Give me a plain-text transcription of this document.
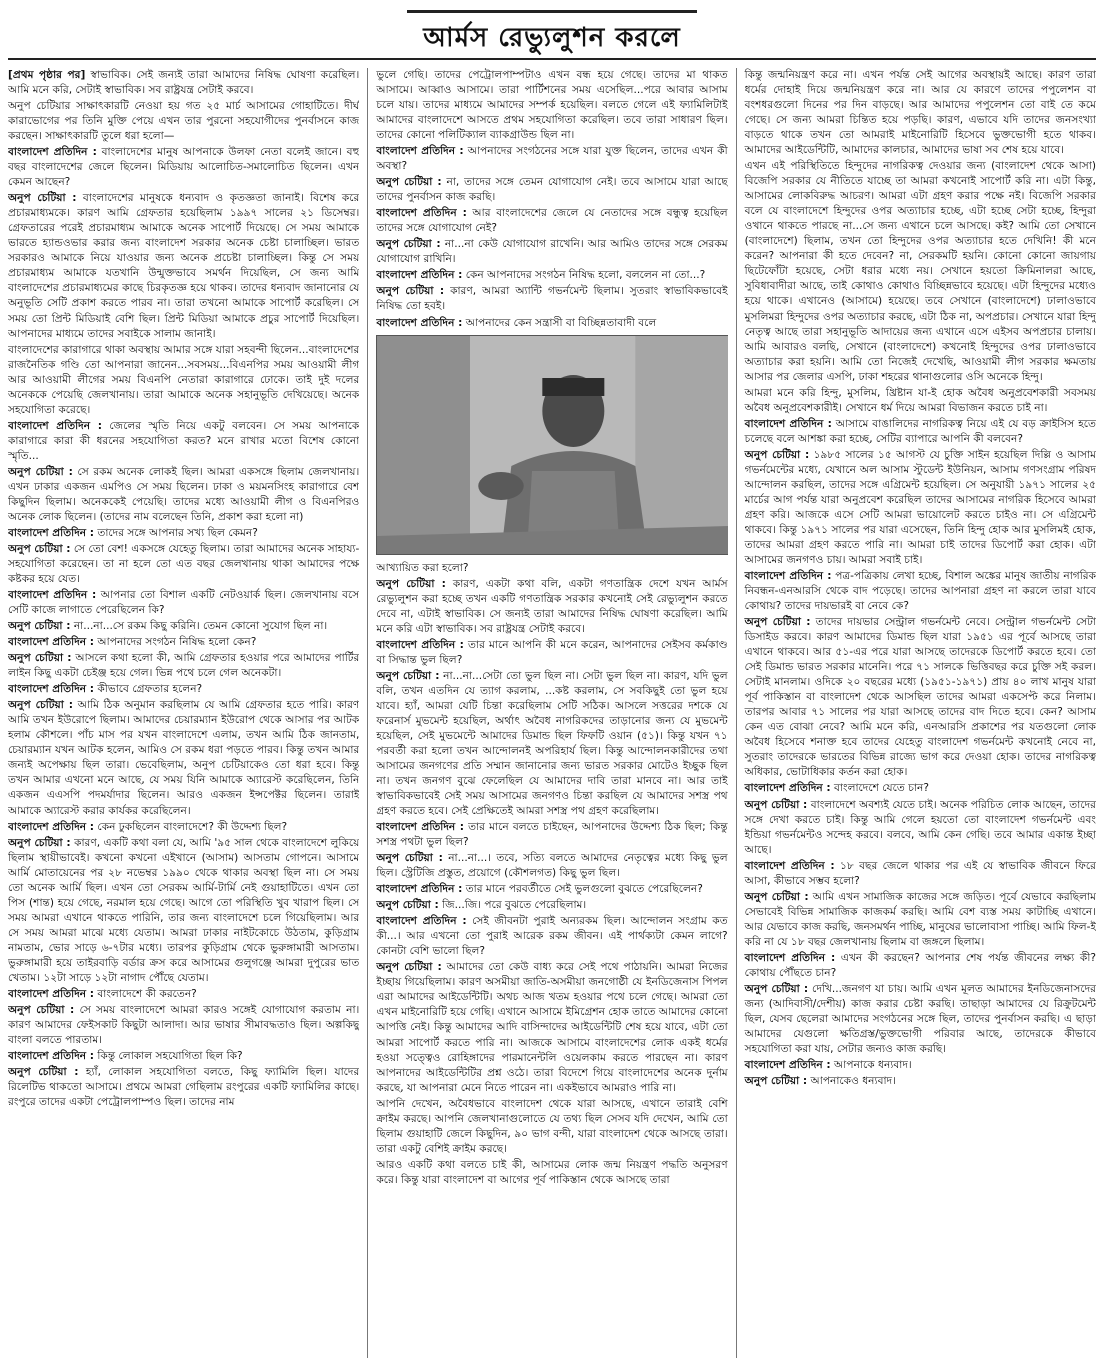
আর্মস রেভ্যুলুশন করলে

[প্রথম পৃষ্ঠার পর] স্বাভাবিক। সেই জন্যই তারা আমাদের নিষিদ্ধ ঘোষণা করেছিল। আমি মনে করি, সেটাই স্বাভাবিক। সব রাষ্ট্রযন্ত্র সেটাই করবে।

অনুপ চেটিয়ার সাক্ষাৎকারটি নেওয়া হয় গত ২৫ মার্চ আসামের গোহাটিতে। দীর্ঘ কারাভোগের পর তিনি মুক্তি পেয়ে এখন তার পুরনো সহযোগীদের পুনর্বাসনে কাজ করছেন। সাক্ষাৎকারটি তুলে ধরা হলো—

বাংলাদেশ প্রতিদিন : বাংলাদেশের মানুষ আপনাকে উলফা নেতা বলেই জানে। বহু বছর বাংলাদেশের জেলে ছিলেন। মিডিয়ায় আলোচিত-সমালোচিত ছিলেন। এখন কেমন আছেন?

অনুপ চেটিয়া : বাংলাদেশের মানুষকে ধন্যবাদ ও কৃতজ্ঞতা জানাই। বিশেষ করে প্রচারমাধ্যমকে। কারণ আমি গ্রেফতার হয়েছিলাম ১৯৯৭ সালের ২১ ডিসেম্বর। গ্রেফতারের পরেই প্রচারমাধ্যম আমাকে অনেক সাপোর্ট দিয়েছে। সে সময় আমাকে ভারতে হ্যান্ডওভার করার জন্য বাংলাদেশ সরকার অনেক চেষ্টা চালাচ্ছিল। ভারত সরকারও আমাকে নিয়ে যাওয়ার জন্য অনেক প্রচেষ্টা চালাচ্ছিল। কিন্তু সে সময় প্রচারমাধ্যম আমাকে যতখানি উন্মুক্তভাবে সমর্থন দিয়েছিল, সে জন্য আমি বাংলাদেশের প্রচারমাধ্যমের কাছে চিরকৃতজ্ঞ হয়ে থাকব। তাদের ধন্যবাদ জানানোর যে অনুভূতি সেটি প্রকাশ করতে পারব না। তারা তখনো আমাকে সাপোর্ট করেছিল। সে সময় তো প্রিন্ট মিডিয়াই বেশি ছিল। প্রিন্ট মিডিয়া আমাকে প্রচুর সাপোর্ট দিয়েছিল। আপনাদের মাধ্যমে তাদের সবাইকে সালাম জানাই।

বাংলাদেশের কারাগারে থাকা অবস্থায় আমার সঙ্গে যারা সহবন্দী ছিলেন...বাংলাদেশের রাজনৈতিক গণ্ডি তো আপনারা জানেন...সবসময়...বিএনপির সময় আওয়ামী লীগ আর আওয়ামী লীগের সময় বিএনপি নেতারা কারাগারে ঢোকে। তাই দুই দলের অনেককে পেয়েছি জেলখানায়। তারা আমাকে অনেক সহানুভূতি দেখিয়েছে। অনেক সহযোগিতা করেছে।

বাংলাদেশ প্রতিদিন : জেলের স্মৃতি নিয়ে একটু বলবেন। সে সময় আপনাকে কারাগারে কারা কী ধরনের সহযোগিতা করত? মনে রাখার মতো বিশেষ কোনো স্মৃতি...

অনুপ চেটিয়া : সে রকম অনেক লোকই ছিল। আমরা একসঙ্গে ছিলাম জেলখানায়। এখন ঢাকার একজন এমপিও সে সময় ছিলেন। ঢাকা ও ময়মনসিংহ কারাগারে বেশ কিছুদিন ছিলাম। অনেককেই পেয়েছি। তাদের মধ্যে আওয়ামী লীগ ও বিএনপিরও অনেক লোক ছিলেন। (তাদের নাম বলেছেন তিনি, প্রকাশ করা হলো না)

বাংলাদেশ প্রতিদিন : তাদের সঙ্গে আপনার সখ্য ছিল কেমন?

অনুপ চেটিয়া : সে তো বেশ! একসঙ্গে যেহেতু ছিলাম। তারা আমাদের অনেক সাহায্য-সহযোগিতা করেছেন। তা না হলে তো এত বছর জেলখানায় থাকা আমাদের পক্ষে কষ্টকর হয়ে যেত।

বাংলাদেশ প্রতিদিন : আপনার তো বিশাল একটি নেটওয়ার্ক ছিল। জেলখানায় বসে সেটি কাজে লাগাতে পেরেছিলেন কি?

অনুপ চেটিয়া : না...না...সে রকম কিছু করিনি। তেমন কোনো সুযোগ ছিল না।

বাংলাদেশ প্রতিদিন : আপনাদের সংগঠন নিষিদ্ধ হলো কেন?

অনুপ চেটিয়া : আসলে কথা হলো কী, আমি গ্রেফতার হওয়ার পরে আমাদের পার্টির লাইন কিছু একটা চেইঞ্জ হয়ে গেল। ভিন্ন পথে চলে গেল অনেকটা।

বাংলাদেশ প্রতিদিন : কীভাবে গ্রেফতার হলেন?

অনুপ চেটিয়া : আমি ঠিক অনুমান করছিলাম যে আমি গ্রেফতার হতে পারি। কারণ আমি তখন ইউরোপে ছিলাম। আমাদের চেয়ারম্যান ইউরোপ থেকে আসার পর আটক হলাম কৌশলে। পাঁচ মাস পর যখন বাংলাদেশে এলাম, তখন আমি ঠিক জানতাম, চেয়ারম্যান যখন আটক হলেন, আমিও সে রকম ধরা পড়তে পারব। কিন্তু তখন আমার জন্যই অপেক্ষায় ছিল তারা। ভেবেছিলাম, অনুপ চেটিয়াকেও তো ধরা হবে। কিন্তু তখন আমার এখনো মনে আছে, যে সময় যিনি আমাকে অ্যারেস্ট করেছিলেন, তিনি একজন এএসপি পদমর্যাদার ছিলেন। আরও একজন ইন্সপেক্টর ছিলেন। তারাই আমাকে অ্যারেস্ট করার কার্যকর করেছিলেন।

বাংলাদেশ প্রতিদিন : কেন ঢুকছিলেন বাংলাদেশে? কী উদ্দেশ্য ছিল?

অনুপ চেটিয়া : কারণ, একটি কথা বলা যে, আমি '৯৫ সাল থেকে বাংলাদেশে লুকিয়ে ছিলাম স্থায়ীভাবেই। কখনো কখনো এইখানে (আসাম) আসতাম গোপনে। আসামে আর্মি মোতায়েনের পর ২৮ নভেম্বর ১৯৯০ থেকে থাকার অবস্থা ছিল না। সে সময় তো অনেক আর্মি ছিল। এখন তো সেরকম আর্মি-টার্মি নেই গুয়াহাটিতে। এখন তো পিস (শান্ত) হয়ে গেছে, নরমাল হয়ে গেছে। আগে তো পরিস্থিতি খুব খারাপ ছিল। সে সময় আমরা এখানে থাকতে পারিনি, তার জন্য বাংলাদেশে চলে গিয়েছিলাম। আর সে সময় আমরা মাঝে মধ্যে যেতাম। আমরা ঢাকার নাইটকোচে উঠতাম, কুড়িগ্রাম নামতাম, ভোর সাড়ে ৬-৭টার মধ্যে। তারপর কুড়িগ্রাম থেকে ভুরুঙ্গামারী আসতাম। ভুরুঙ্গামারী হয়ে তাইরবাড়ি বর্ডার ক্রস করে আসামের গুলুগঞ্জে আমরা দুপুরের ভাত খেতাম। ১২টা সাড়ে ১২টা নাগাদ পৌঁছে যেতাম।

বাংলাদেশ প্রতিদিন : বাংলাদেশে কী করতেন?

অনুপ চেটিয়া : সে সময় বাংলাদেশে আমরা কারও সঙ্গেই যোগাযোগ করতাম না। কারণ আমাদের ফেইসকাট কিছুটা আলাদা। আর ভাষার সীমাবদ্ধতাও ছিল। অল্পকিছু বাংলা বলতে পারতাম।

বাংলাদেশ প্রতিদিন : কিন্তু লোকাল সহযোগিতা ছিল কি?

অনুপ চেটিয়া : হ্যাঁ, লোকাল সহযোগিতা বলতে, কিছু ফ্যামিলি ছিল। যাদের রিলেটিভ থাকতো আসামে। প্রথমে আমরা গেছিলাম রংপুরের একটি ফ্যামিলির কাছে। রংপুরে তাদের একটা পেট্রোলপাম্পও ছিল। তাদের নাম

ভুলে গেছি। তাদের পেট্রোলপাম্পটাও এখন বন্ধ হয়ে গেছে। তাদের মা থাকত আসামে। আব্বাও আসামে। তারা পার্টিশনের সময় এসেছিল...পরে আবার আসাম চলে যায়। তাদের মাধ্যমে আমাদের সম্পর্ক হয়েছিল। বলতে গেলে এই ফ্যামিলিটাই আমাদের বাংলাদেশে আসতে প্রথম সহযোগিতা করেছিল। তবে তারা সাধারণ ছিল। তাদের কোনো পলিটিক্যাল ব্যাকগ্রাউন্ড ছিল না।

বাংলাদেশ প্রতিদিন : আপনাদের সংগঠনের সঙ্গে যারা যুক্ত ছিলেন, তাদের এখন কী অবস্থা?

অনুপ চেটিয়া : না, তাদের সঙ্গে তেমন যোগাযোগ নেই। তবে আসামে যারা আছে তাদের পুনর্বাসন কাজ করছি।

বাংলাদেশ প্রতিদিন : আর বাংলাদেশের জেলে যে নেতাদের সঙ্গে বন্ধুত্ব হয়েছিল তাদের সঙ্গে যোগাযোগ নেই?

অনুপ চেটিয়া : না...না কেউ যোগাযোগ রাখেনি। আর আমিও তাদের সঙ্গে সেরকম যোগাযোগ রাখিনি।

বাংলাদেশ প্রতিদিন : কেন আপনাদের সংগঠন নিষিদ্ধ হলো, বললেন না তো...?

অনুপ চেটিয়া : কারণ, আমরা অ্যান্টি গভর্নমেন্ট ছিলাম। সুতরাং স্বাভাবিকভাবেই নিষিদ্ধ তো হবই।

বাংলাদেশ প্রতিদিন : আপনাদের কেন সন্ত্রাসী বা বিচ্ছিন্নতাবাদী বলে

আখ্যায়িত করা হলো?

অনুপ চেটিয়া : কারণ, একটা কথা বলি, একটা গণতান্ত্রিক দেশে যখন আর্মস রেভ্যুলুশন করা হচ্ছে তখন একটি গণতান্ত্রিক সরকার কখনোই সেই রেভ্যুলুশন করতে দেবে না, এটাই স্বাভাবিক। সে জন্যই তারা আমাদের নিষিদ্ধ ঘোষণা করেছিল। আমি মনে করি এটা স্বাভাবিক। সব রাষ্ট্রযন্ত্র সেটাই করবে।

বাংলাদেশ প্রতিদিন : তার মানে আপনি কী মনে করেন, আপনাদের সেইসব কর্মকাণ্ড বা সিদ্ধান্ত ভুল ছিল?

অনুপ চেটিয়া : না...না...সেটা তো ভুল ছিল না। সেটা ভুল ছিল না। কারণ, যদি ভুল বলি, তখন এতদিন যে ত্যাগ করলাম, ...কষ্ট করলাম, সে সবকিছুই তো ভুল হয়ে যাবে। হ্যাঁ, আমরা যেটি চিন্তা করেছিলাম সেটি সঠিক। আসলে সত্তরের দশকে যে ফরেনার্স মুভমেন্ট হয়েছিল, অর্থাৎ অবৈধ নাগরিকদের তাড়ানোর জন্য যে মুভমেন্ট হয়েছিল, সেই মুভমেন্টে আমাদের ডিমান্ড ছিল ফিফটি ওয়ান (৫১)। কিন্তু যখন ৭১ পরবর্তী করা হলো তখন আন্দোলনই অপরিহার্য ছিল। কিন্তু আন্দোলনকারীদের তথা আসামের জনগণের প্রতি সম্মান জানানোর জন্য ভারত সরকার মোটেও ইচ্ছুক ছিল না। তখন জনগণ বুঝে ফেলেছিল যে আমাদের দাবি তারা মানবে না। আর তাই স্বাভাবিকভাবেই সেই সময় আসামের জনগণও চিন্তা করছিল যে আমাদের সশস্ত্র পথ গ্রহণ করতে হবে। সেই প্রেক্ষিতেই আমরা সশস্ত্র পথ গ্রহণ করেছিলাম।

বাংলাদেশ প্রতিদিন : তার মানে বলতে চাইছেন, আপনাদের উদ্দেশ্য ঠিক ছিল; কিন্তু সশস্ত্র পথটা ভুল ছিল?

অনুপ চেটিয়া : না...না...। তবে, সত্যি বলতে আমাদের নেতৃত্বের মধ্যে কিছু ভুল ছিল। স্ট্রেটিজি প্রস্তুত, প্রয়োগে (কৌশলগত) কিছু ভুল ছিল।

বাংলাদেশ প্রতিদিন : তার মানে পরবর্তীতে সেই ভুলগুলো বুঝতে পেরেছিলেন?

অনুপ চেটিয়া : জি...জি। পরে বুঝতে পেরেছিলাম।

বাংলাদেশ প্রতিদিন : সেই জীবনটা পুরাই অন্যরকম ছিল। আন্দোলন সংগ্রাম কত কী...। আর এখনো তো পুরাই আরেক রকম জীবন। এই পার্থক্যটা কেমন লাগে? কোনটা বেশি ভালো ছিল?

অনুপ চেটিয়া : আমাদের তো কেউ বাধ্য করে সেই পথে পাঠায়নি। আমরা নিজের ইচ্ছায় গিয়েছিলাম। কারণ অসমীয়া জাতি-অসমীয়া জনগোষ্ঠী যে ইনডিজেনাস পিপল এরা আমাদের আইডেন্টিটি। অথচ আজ খতম হওয়ার পথে চলে গেছে। আমরা তো এখন মাইনোরিটি হয়ে গেছি। এখানে আসামে ইমিগ্রেশন হোক তাতে আমাদের কোনো আপত্তি নেই। কিন্তু আমাদের আদি বাসিন্দাদের আইডেন্টিটি শেষ হয়ে যাবে, এটা তো আমরা সাপোর্ট করতে পারি না। আজকে আসামে বাংলাদেশের লোক একই ধর্মের হওয়া সত্ত্বেও রোহিঙ্গাদের পারমানেন্টলি ওয়েলকাম করতে পারছেন না। কারণ আপনাদের আইডেন্টিটির প্রশ্ন ওঠে। তারা বিদেশে গিয়ে বাংলাদেশের অনেক দুর্নাম করছে, যা আপনারা মেনে নিতে পারেন না। একইভাবে আমরাও পারি না।

আপনি দেখেন, অবৈধভাবে বাংলাদেশ থেকে যারা আসছে, এখানে তারাই বেশি ক্রাইম করছে। আপনি জেলখানাগুলোতে যে তথ্য ছিল সেসব যদি দেখেন, আমি তো ছিলাম গুয়াহাটি জেলে কিছুদিন, ৯০ ভাগ বন্দী, যারা বাংলাদেশ থেকে আসছে তারা। তারা একটু বেশিই ক্রাইম করছে।

আরও একটি কথা বলতে চাই কী, আসামের লোক জন্ম নিয়ন্ত্রণ পদ্ধতি অনুসরণ করে। কিন্তু যারা বাংলাদেশ বা আগের পূর্ব পাকিস্তান থেকে আসছে তারা

কিন্তু জন্মনিয়ন্ত্রণ করে না। এখন পর্যন্ত সেই আগের অবস্থায়ই আছে। কারণ তারা ধর্মের দোহাই দিয়ে জন্মনিয়ন্ত্রণ করে না। আর যে কারণে তাদের পপুলেশন বা বংশধরগুলো দিনের পর দিন বাড়ছে। আর আমাদের পপুলেশন তো বাই তে কমে গেছে। সে জন্য আমরা চিন্তিত হয়ে পড়ছি। কারণ, এভাবে যদি তাদের জনসংখ্যা বাড়তে থাকে তখন তো আমরাই মাইনোরিটি হিসেবে ভুক্তভোগী হতে থাকব। আমাদের আইডেন্টিটি, আমাদের কালচার, আমাদের ভাষা সব শেষ হয়ে যাবে।

এখন এই পরিস্থিতিতে হিন্দুদের নাগরিকত্ব দেওয়ার জন্য (বাংলাদেশ থেকে আসা) বিজেপি সরকার যে নীতিতে যাচ্ছে তা আমরা কখনোই সাপোর্ট করি না। এটা কিন্তু, আসামের লোকবিরুদ্ধ আচরণ। আমরা এটা গ্রহণ করার পক্ষে নই। বিজেপি সরকার বলে যে বাংলাদেশে হিন্দুদের ওপর অত্যাচার হচ্ছে, এটা হচ্ছে সেটা হচ্ছে, হিন্দুরা ওখানে থাকতে পারছে না...সে জন্য এখানে চলে আসছে। কই? আমি তো সেখানে (বাংলাদেশে) ছিলাম, তখন তো হিন্দুদের ওপর অত্যাচার হতে দেখিনি! কী মনে করেন? আপনারা কী হতে দেবেন? না, সেরকমটি হয়নি। কোনো কোনো জায়গায় ছিটেফোঁটা হয়েছে, সেটা ধরার মধ্যে নয়। সেখানে হয়তো ক্রিমিনালরা আছে, সুবিধাবাদীরা আছে, তাই কোথাও কোথাও বিচ্ছিন্নভাবে হয়েছে। এটা হিন্দুদের মধ্যেও হয়ে থাকে। এখানেও (আসামে) হয়েছে। তবে সেখানে (বাংলাদেশে) ঢালাওভাবে মুসলিমরা হিন্দুদের ওপর অত্যাচার করছে, এটা ঠিক না, অপপ্রচার। সেখানে যারা হিন্দু নেতৃত্ব আছে তারা সহানুভূতি আদায়ের জন্য এখানে এসে এইসব অপপ্রচার চালায়। আমি আবারও বলছি, সেখানে (বাংলাদেশে) কখনোই হিন্দুদের ওপর ঢালাওভাবে অত্যাচার করা হয়নি। আমি তো নিজেই দেখেছি, আওয়ামী লীগ সরকার ক্ষমতায় আসার পর জেলার এসপি, ঢাকা শহরের থানাগুলোর ওসি অনেকে হিন্দু।

আমরা মনে করি হিন্দু, মুসলিম, খ্রিষ্টান যা-ই হোক অবৈধ অনুপ্রবেশকারী সবসময় অবৈধ অনুপ্রবেশকারীই। সেখানে ধর্ম দিয়ে আমরা বিভাজন করতে চাই না।

বাংলাদেশ প্রতিদিন : আসামে বাঙালিদের নাগরিকত্ব নিয়ে এই যে বড় ক্রাইসিস হতে চলেছে বলে আশঙ্কা করা হচ্ছে, সেটির ব্যাপারে আপনি কী বলবেন?

অনুপ চেটিয়া : ১৯৮৫ সালের ১৫ আগস্ট যে চুক্তি সাইন হয়েছিল দিল্লি ও আসাম গভর্নমেন্টের মধ্যে, যেখানে অল আসাম স্টুডেন্ট ইউনিয়ন, আসাম গণসংগ্রাম পরিষদ আন্দোলন করছিল, তাদের সঙ্গে এগ্রিমেন্ট হয়েছিল। সে অনুযায়ী ১৯৭১ সালের ২৫ মার্চের আগ পর্যন্ত যারা অনুপ্রবেশ করেছিল তাদের আসামের নাগরিক হিসেবে আমরা গ্রহণ করি। আজকে এসে সেটি আমরা ভায়োলেট করতে চাইও না। সে এগ্রিমেন্ট থাকবে। কিন্তু ১৯৭১ সালের পর যারা এসেছেন, তিনি হিন্দু হোক আর মুসলিমই হোক, তাদের আমরা গ্রহণ করতে পারি না। আমরা চাই তাদের ডিপোর্ট করা হোক। এটা আসামের জনগণও চায়। আমরা সবাই চাই।

বাংলাদেশ প্রতিদিন : পত্র-পত্রিকায় লেখা হচ্ছে, বিশাল অঙ্কের মানুষ জাতীয় নাগরিক নিবন্ধন-এনআরসি থেকে বাদ পড়েছে। তাদের আপনারা গ্রহণ না করলে তারা যাবে কোথায়? তাদের দায়ভারই বা নেবে কে?

অনুপ চেটিয়া : তাদের দায়ভার সেন্ট্রাল গভর্নমেন্ট নেবে। সেন্ট্রাল গভর্নমেন্ট সেটা ডিসাইড করবে। কারণ আমাদের ডিমান্ড ছিল যারা ১৯৫১ এর পূর্বে আসছে তারা এখানে থাকবে। আর ৫১-এর পরে যারা আসছে তাদেরকে ডিপোর্ট করতে হবে। তো সেই ডিমান্ড ভারত সরকার মানেনি। পরে ৭১ সালকে ভিত্তিবছর করে চুক্তি সই করল। সেটাই মানলাম। ওদিকে ২০ বছরের মধ্যে (১৯৫১-১৯৭১) প্রায় ৪০ লাখ মানুষ যারা পূর্ব পাকিস্তান বা বাংলাদেশ থেকে আসছিল তাদের আমরা একসেপ্ট করে নিলাম। তারপর আবার ৭১ সালের পর যারা আসছে তাদের বাদ দিতে হবে। কেন? আসাম কেন এত বোঝা নেবে? আমি মনে করি, এনআরসি প্রকাশের পর যতগুলো লোক অবৈধ হিসেবে শনাক্ত হবে তাদের যেহেতু বাংলাদেশ গভর্নমেন্ট কখনোই নেবে না, সুতরাং তাদেরকে ভারতের বিভিন্ন রাজ্যে ভাগ করে দেওয়া হোক। তাদের নাগরিকত্ব অধিকার, ভোটাধিকার কর্তন করা হোক।

বাংলাদেশ প্রতিদিন : বাংলাদেশে যেতে চান?

অনুপ চেটিয়া : বাংলাদেশে অবশ্যই যেতে চাই। অনেক পরিচিত লোক আছেন, তাদের সঙ্গে দেখা করতে চাই। কিন্তু আমি গেলে হয়তো তো বাংলাদেশ গভর্নমেন্ট এবং ইন্ডিয়া গভর্নমেন্টও সন্দেহ করবে। বলবে, আমি কেন গেছি। তবে আমার একান্ত ইচ্ছা আছে।

বাংলাদেশ প্রতিদিন : ১৮ বছর জেলে থাকার পর এই যে স্বাভাবিক জীবনে ফিরে আসা, কীভাবে সম্ভব হলো?

অনুপ চেটিয়া : আমি এখন সামাজিক কাজের সঙ্গে জড়িত। পূর্বে যেভাবে করছিলাম সেভাবেই বিভিন্ন সামাজিক কাজকর্ম করছি। আমি বেশ ব্যস্ত সময় কাটাচ্ছি এখানে। আর যেভাবে কাজ করছি, জনসমর্থন পাচ্ছি, মানুষের ভালোবাসা পাচ্ছি। আমি ফিল-ই করি না যে ১৮ বছর জেলখানায় ছিলাম বা জঙ্গলে ছিলাম।

বাংলাদেশ প্রতিদিন : এখন কী করছেন? আপনার শেষ পর্যন্ত জীবনের লক্ষ্য কী? কোথায় পৌঁছতে চান?

অনুপ চেটিয়া : দেখি...জনগণ যা চায়। আমি এখন মূলত আমাদের ইনডিজেনাসদের জন্য (আদিবাসী/দেশীয়) কাজ করার চেষ্টা করছি। তাছাড়া আমাদের যে রিক্রুটমেন্ট ছিল, যেসব ছেলেরা আমাদের সংগঠনের সঙ্গে ছিল, তাদের পুনর্বাসন করছি। এ ছাড়া আমাদের যেগুলো ক্ষতিগ্রস্ত/ভুক্তভোগী পরিবার আছে, তাদেরকে কীভাবে সহযোগিতা করা যায়, সেটার জন্যও কাজ করছি।

বাংলাদেশ প্রতিদিন : আপনাকে ধন্যবাদ।

অনুপ চেটিয়া : আপনাকেও ধন্যবাদ।
